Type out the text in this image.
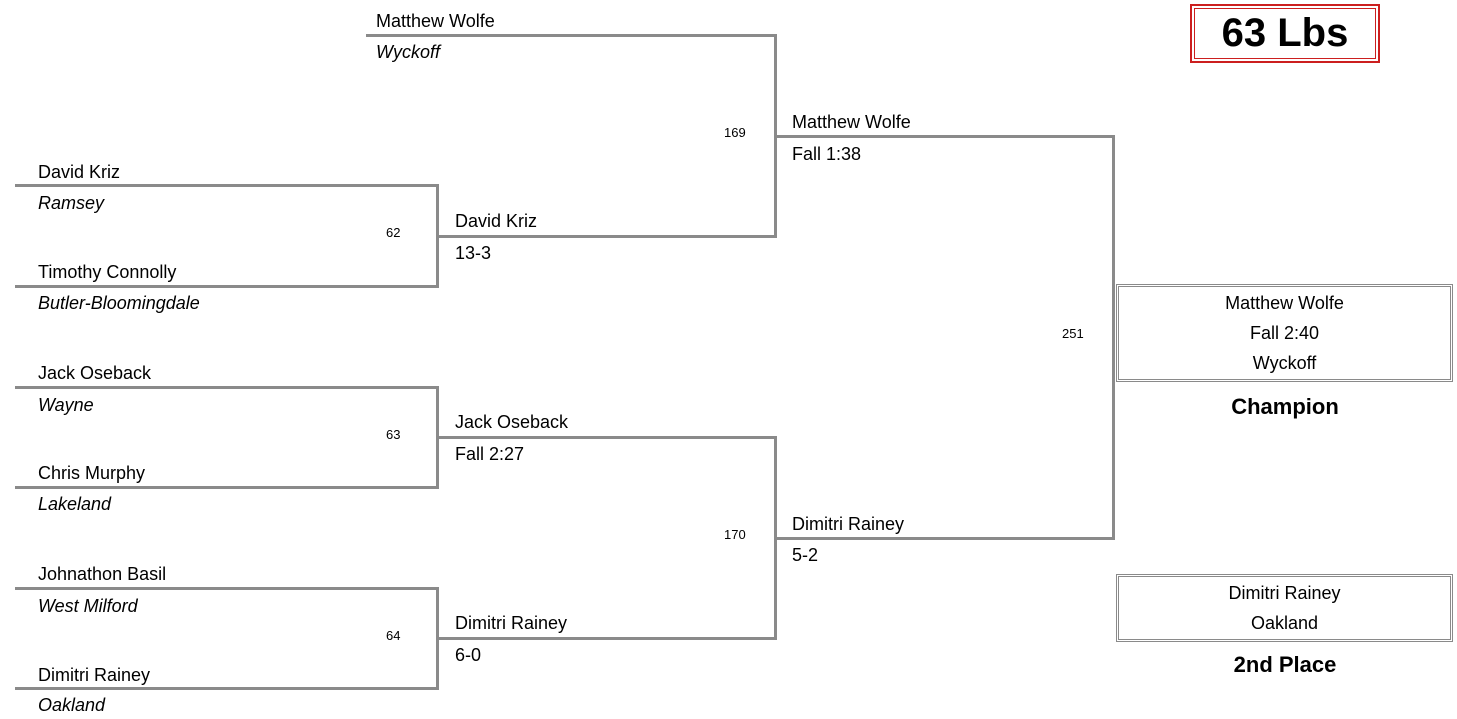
63 Lbs
Matthew Wolfe
Wyckoff
David Kriz
Ramsey
Timothy Connolly
Butler-Bloomingdale
62
Jack Oseback
Wayne
Chris Murphy
Lakeland
63
Johnathon Basil
West Milford
Dimitri Rainey
Oakland
64
David Kriz
13-3
Jack Oseback
Fall 2:27
Dimitri Rainey
6-0
169
170
Matthew Wolfe
Fall 1:38
Dimitri Rainey
5-2
251
Matthew Wolfe
Fall 2:40
Wyckoff
Champion
Dimitri Rainey
Oakland
2nd Place
